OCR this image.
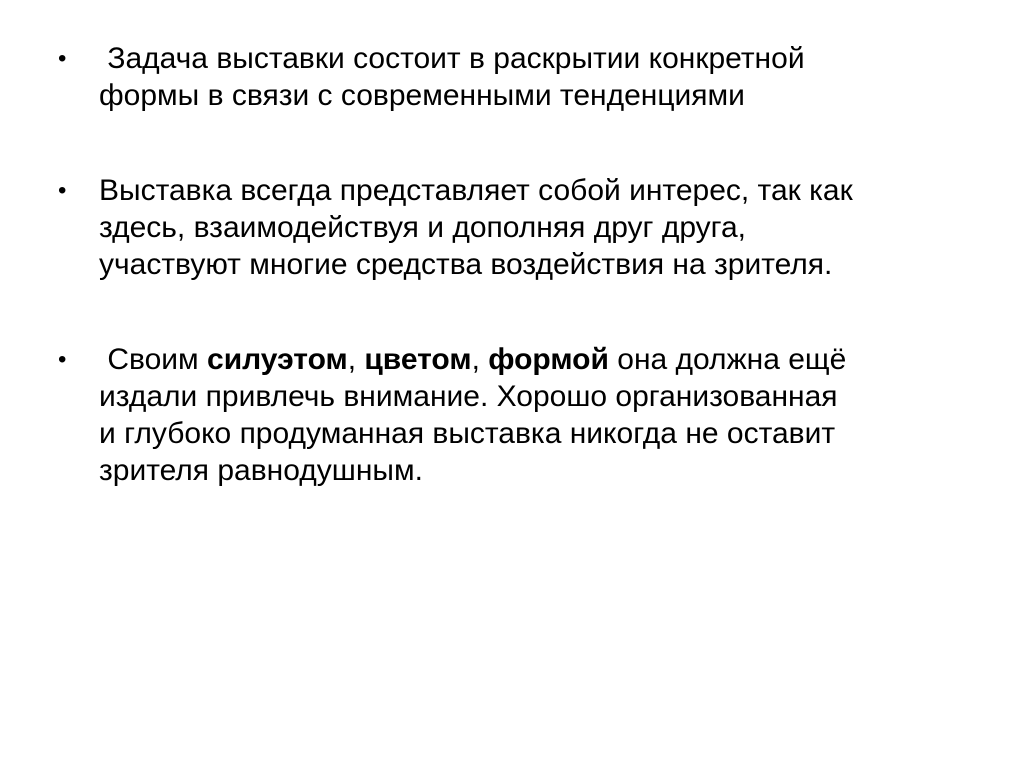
•	Задача выставки состоит в раскрытии конкретной
формы в связи с современными тенденциями
•	Выставка всегда представляет собой интерес, так как
здесь, взаимодействуя и дополняя друг друга,
участвуют многие средства воздействия на зрителя.
•	Своим силуэтом, цветом, формой она должна ещё
издали привлечь внимание. Хорошо организованная
и глубоко продуманная выставка никогда не оставит
зрителя равнодушным.
